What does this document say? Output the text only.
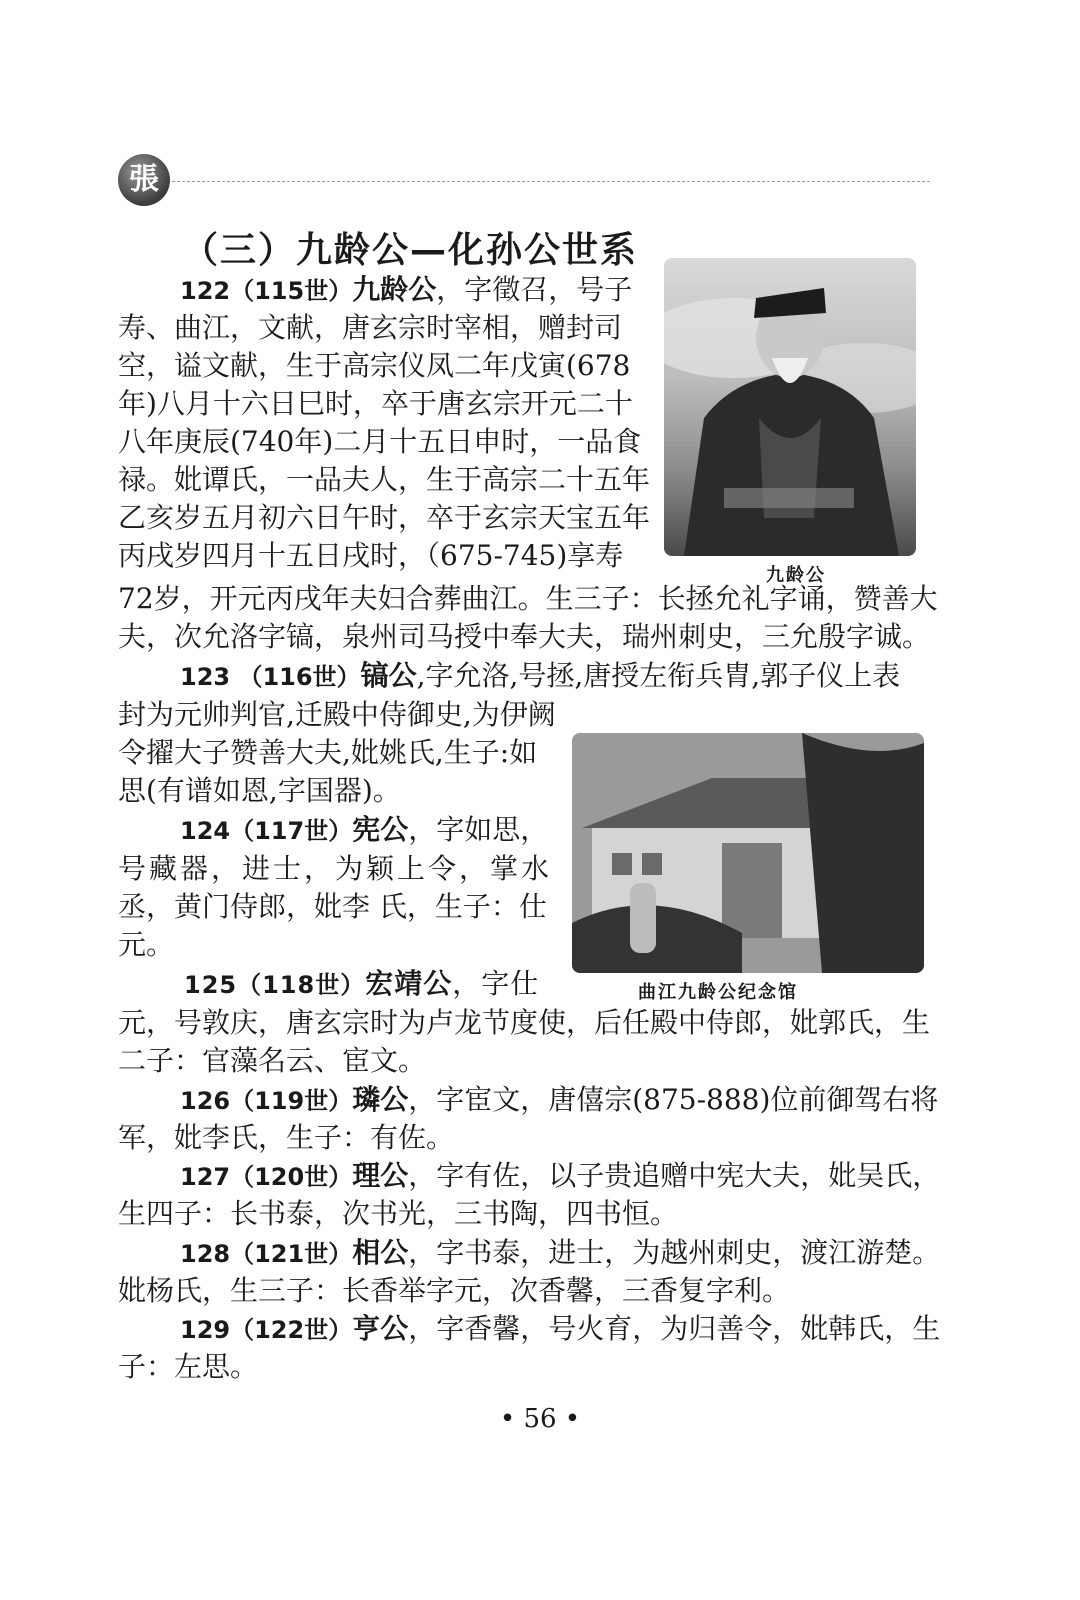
張
（三）九龄公—化孙公世系
九龄公
曲江九龄公纪念馆
122（115世）九龄公，字徵召，号子
寿、曲江，文献，唐玄宗时宰相，赠封司
空，谥文献，生于高宗仪凤二年戊寅(678
年)八月十六日巳时，卒于唐玄宗开元二十
八年庚辰(740年)二月十五日申时，一品食
禄。妣谭氏，一品夫人，生于高宗二十五年
乙亥岁五月初六日午时，卒于玄宗天宝五年
丙戌岁四月十五日戌时，（675-745)享寿
72岁，开元丙戌年夫妇合葬曲江。生三子：长拯允礼字诵，赞善大
夫，次允洛字镐，泉州司马授中奉大夫，瑞州刺史，三允殷字诚。
123 （116世）镐公,字允洛,号拯,唐授左衔兵胄,郭子仪上表
封为元帅判官,迁殿中侍御史,为伊阙
令擢大子赞善大夫,妣姚氏,生子:如
思(有谱如恩,字国器)。
124（117世）宪公，字如思，
号藏器，进士，为颖上令，掌水
丞，黄门侍郎，妣李 氏，生子：仕
元。
125（118世）宏靖公，字仕
元，号敦庆，唐玄宗时为卢龙节度使，后任殿中侍郎，妣郭氏，生
二子：官藻名云、宦文。
126（119世）璘公，字宦文，唐僖宗(875-888)位前御驾右将
军，妣李氏，生子：有佐。
127（120世）理公，字有佐，以子贵追赠中宪大夫，妣吴氏，
生四子：长书泰，次书光，三书陶，四书恒。
128（121世）相公，字书泰，进士，为越州刺史，渡江游楚。
妣杨氏，生三子：长香举字元，次香馨，三香复字利。
129（122世）亨公，字香馨，号火育，为归善令，妣韩氏，生
子：左思。
• 56 •
